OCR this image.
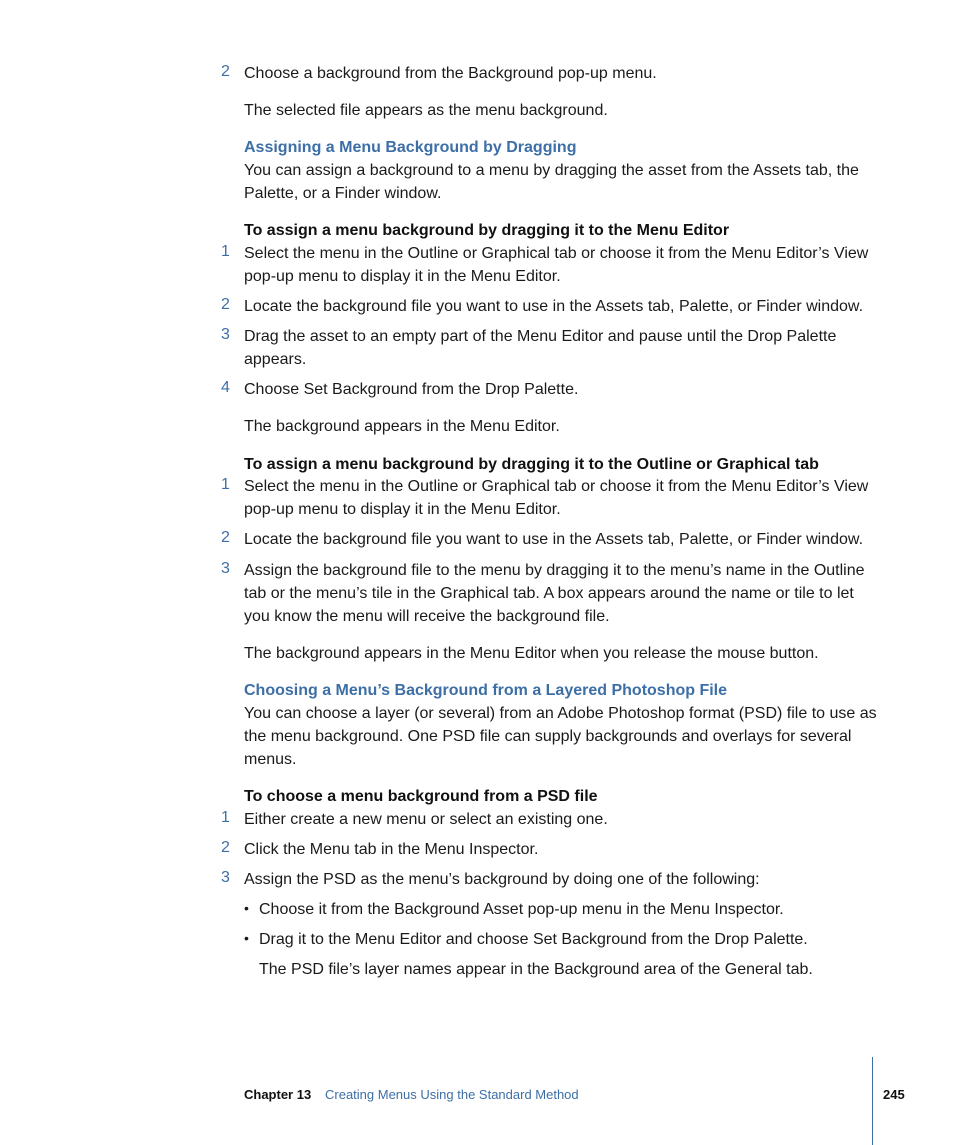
2 Choose a background from the Background pop-up menu.
The selected file appears as the menu background.
Assigning a Menu Background by Dragging
You can assign a background to a menu by dragging the asset from the Assets tab, the Palette, or a Finder window.
To assign a menu background by dragging it to the Menu Editor
1 Select the menu in the Outline or Graphical tab or choose it from the Menu Editor’s View pop-up menu to display it in the Menu Editor.
2 Locate the background file you want to use in the Assets tab, Palette, or Finder window.
3 Drag the asset to an empty part of the Menu Editor and pause until the Drop Palette appears.
4 Choose Set Background from the Drop Palette.
The background appears in the Menu Editor.
To assign a menu background by dragging it to the Outline or Graphical tab
1 Select the menu in the Outline or Graphical tab or choose it from the Menu Editor’s View pop-up menu to display it in the Menu Editor.
2 Locate the background file you want to use in the Assets tab, Palette, or Finder window.
3 Assign the background file to the menu by dragging it to the menu’s name in the Outline tab or the menu’s tile in the Graphical tab. A box appears around the name or tile to let you know the menu will receive the background file.
The background appears in the Menu Editor when you release the mouse button.
Choosing a Menu’s Background from a Layered Photoshop File
You can choose a layer (or several) from an Adobe Photoshop format (PSD) file to use as the menu background. One PSD file can supply backgrounds and overlays for several menus.
To choose a menu background from a PSD file
1 Either create a new menu or select an existing one.
2 Click the Menu tab in the Menu Inspector.
3 Assign the PSD as the menu’s background by doing one of the following:
• Choose it from the Background Asset pop-up menu in the Menu Inspector.
• Drag it to the Menu Editor and choose Set Background from the Drop Palette.
The PSD file’s layer names appear in the Background area of the General tab.
Chapter 13 Creating Menus Using the Standard Method	245
